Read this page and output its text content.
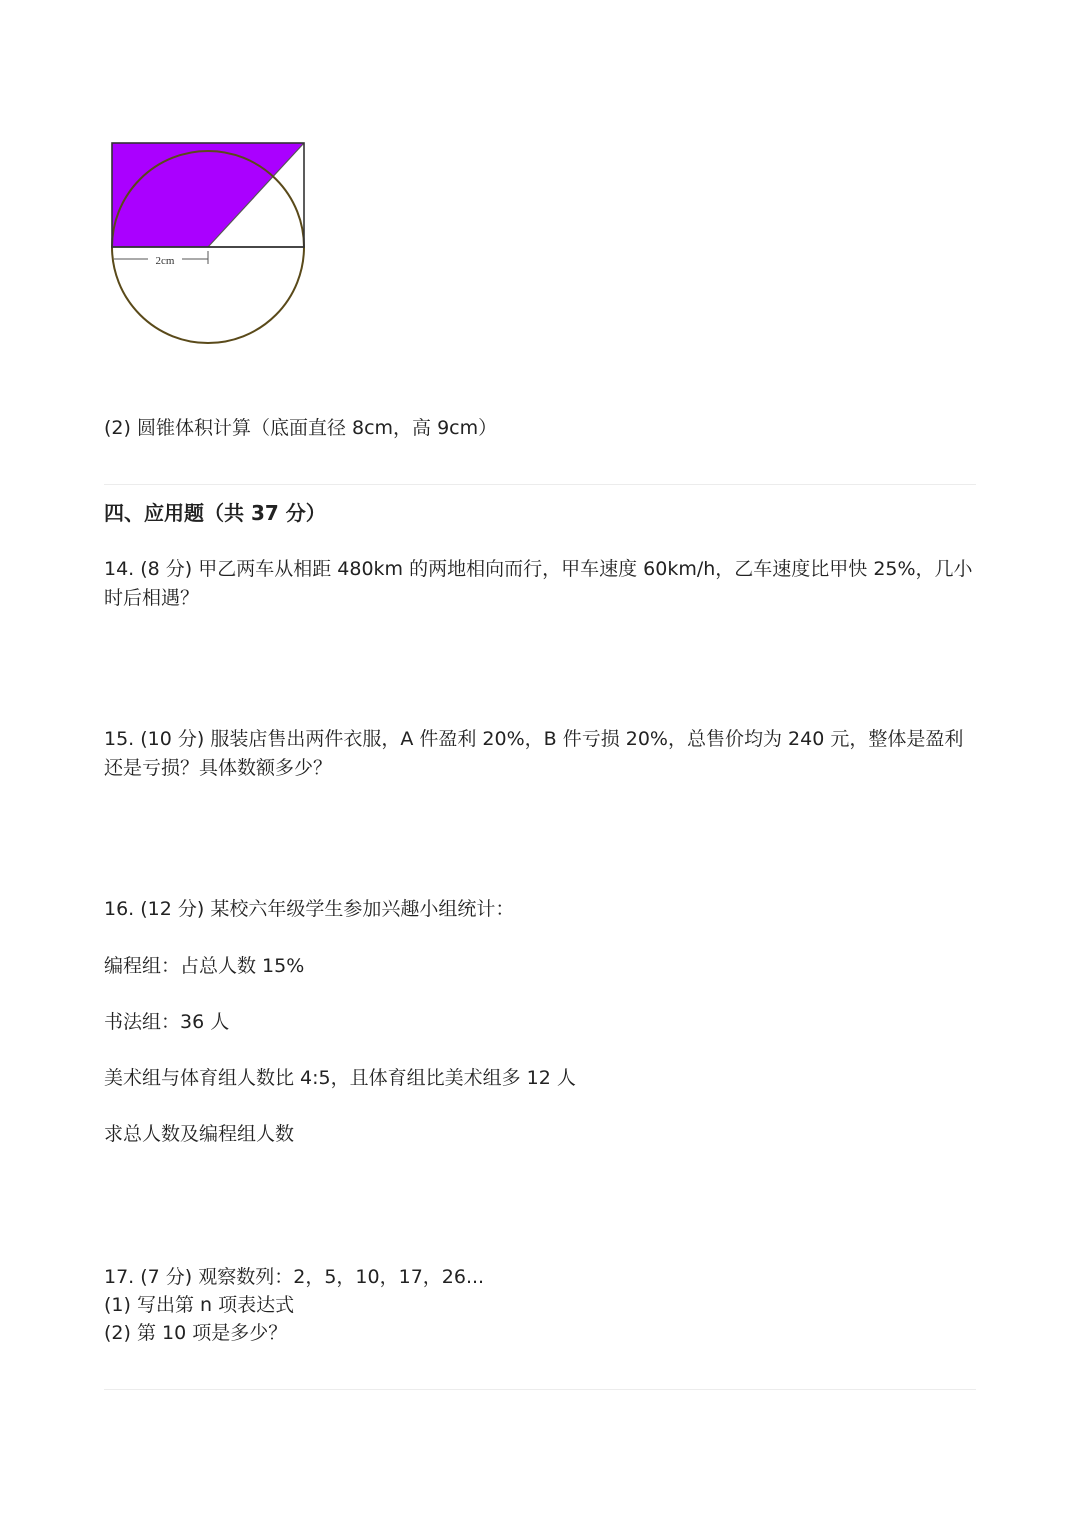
2cm
(2) 圆锥体积计算（底面直径 8cm，高 9cm）
四、应用题（共 37 分）
14. (8 分) 甲乙两车从相距 480km 的两地相向而行，甲车速度 60km/h，乙车速度比甲快 25%，几小时后相遇？
15. (10 分) 服装店售出两件衣服，A 件盈利 20%，B 件亏损 20%，总售价均为 240 元，整体是盈利还是亏损？具体数额多少？
16. (12 分) 某校六年级学生参加兴趣小组统计：
编程组：占总人数 15%
书法组：36 人
美术组与体育组人数比 4:5，且体育组比美术组多 12 人
求总人数及编程组人数
17. (7 分) 观察数列：2，5，10，17，26...
(1) 写出第 n 项表达式
(2) 第 10 项是多少？
